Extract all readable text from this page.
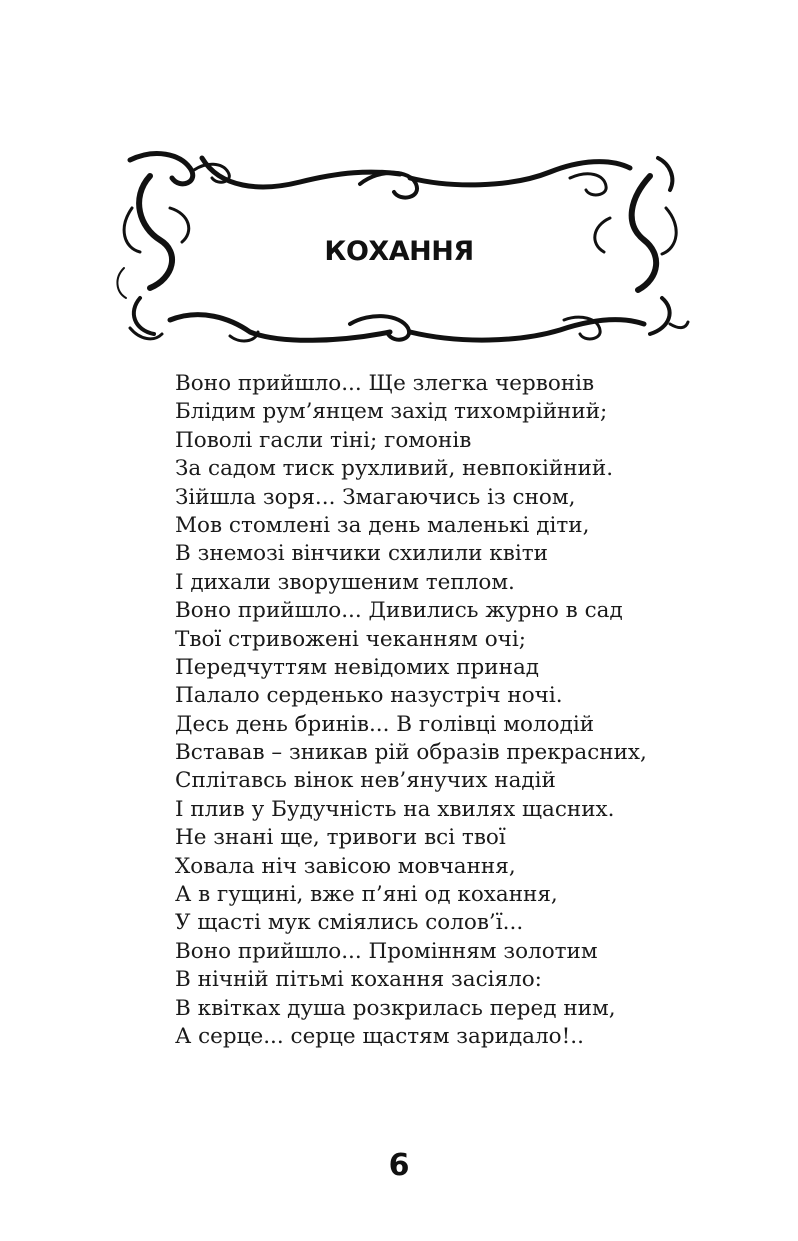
КОХАННЯ
Воно прийшло... Ще злегка червонів
Блідим рум’янцем захід тихомрійний;
Поволі гасли тіні; гомонів
За садом тиск рухливий, невпокійний.
Зійшла зоря... Змагаючись із сном,
Мов стомлені за день маленькі діти,
В знемозі вінчики схилили квіти
І дихали зворушеним теплом.
Воно прийшло... Дивились журно в сад
Твої стривожені чеканням очі;
Передчуттям невідомих принад
Палало серденько назустріч ночі.
Десь день бринів... В голівці молодій
Вставав – зникав рій образів прекрасних,
Сплітавсь вінок нев’янучих надій
І плив у Будучність на хвилях щасних.
Не знані ще, тривоги всі твої
Ховала ніч завісою мовчання,
А в гущині, вже п’яні од кохання,
У щасті мук сміялись солов’ї...
Воно прийшло... Промінням золотим
В нічній пітьмі кохання засіяло:
В квітках душа розкрилась перед ним,
А серце... серце щастям заридало!..
6
